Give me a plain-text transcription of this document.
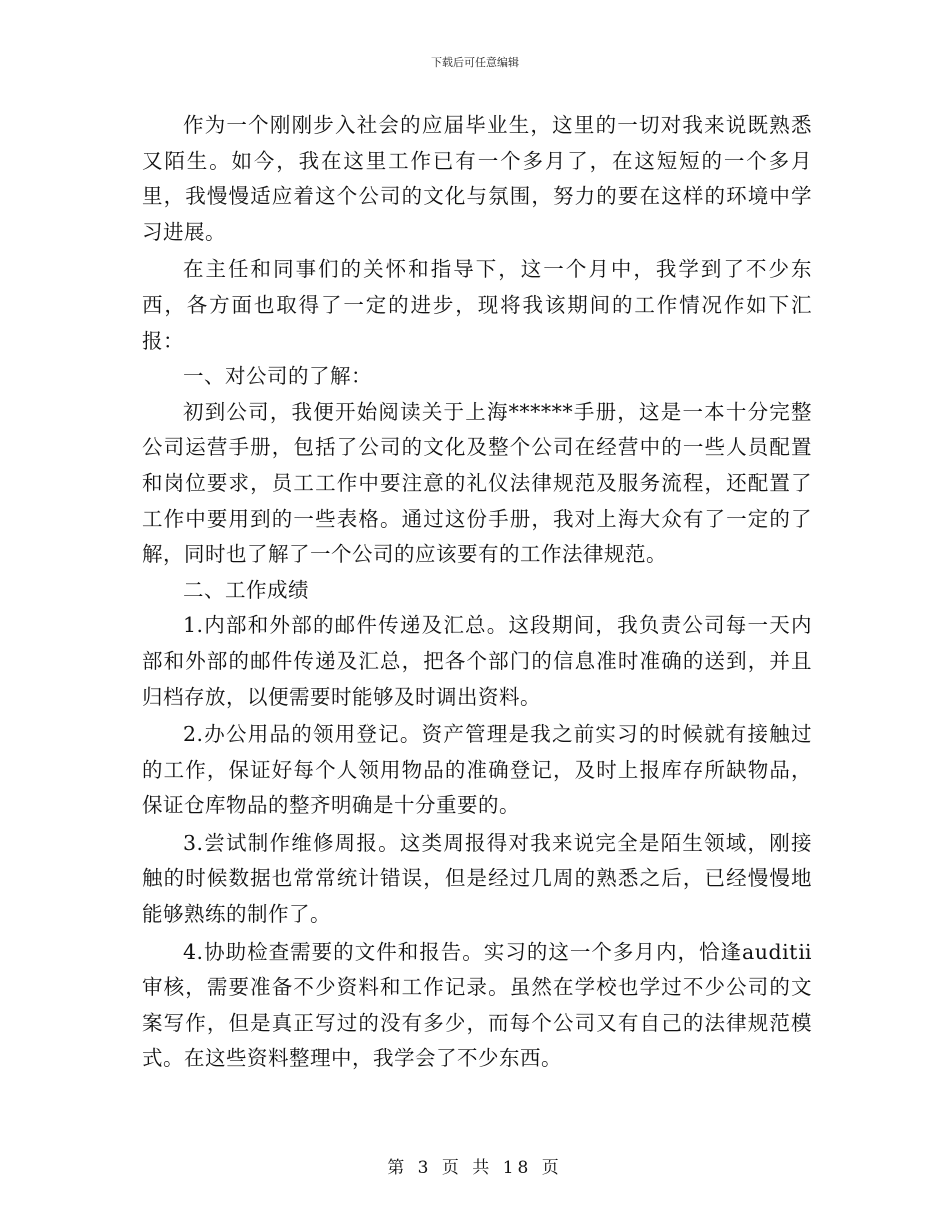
下载后可任意编辑

作为一个刚刚步入社会的应届毕业生，这里的一切对我来说既熟悉又陌生。如今，我在这里工作已有一个多月了，在这短短的一个多月里，我慢慢适应着这个公司的文化与氛围，努力的要在这样的环境中学习进展。

在主任和同事们的关怀和指导下，这一个月中，我学到了不少东西，各方面也取得了一定的进步，现将我该期间的工作情况作如下汇报：

一、对公司的了解：

初到公司，我便开始阅读关于上海******手册，这是一本十分完整公司运营手册，包括了公司的文化及整个公司在经营中的一些人员配置和岗位要求，员工工作中要注意的礼仪法律规范及服务流程，还配置了工作中要用到的一些表格。通过这份手册，我对上海大众有了一定的了解，同时也了解了一个公司的应该要有的工作法律规范。

二、工作成绩

1.内部和外部的邮件传递及汇总。这段期间，我负责公司每一天内部和外部的邮件传递及汇总，把各个部门的信息准时准确的送到，并且归档存放，以便需要时能够及时调出资料。

2.办公用品的领用登记。资产管理是我之前实习的时候就有接触过的工作，保证好每个人领用物品的准确登记，及时上报库存所缺物品，保证仓库物品的整齐明确是十分重要的。

3.尝试制作维修周报。这类周报得对我来说完全是陌生领域，刚接触的时候数据也常常统计错误，但是经过几周的熟悉之后，已经慢慢地能够熟练的制作了。

4.协助检查需要的文件和报告。实习的这一个多月内，恰逢auditⅱ审核，需要准备不少资料和工作记录。虽然在学校也学过不少公司的文案写作，但是真正写过的没有多少，而每个公司又有自己的法律规范模式。在这些资料整理中，我学会了不少东西。

第 3 页 共 18 页
